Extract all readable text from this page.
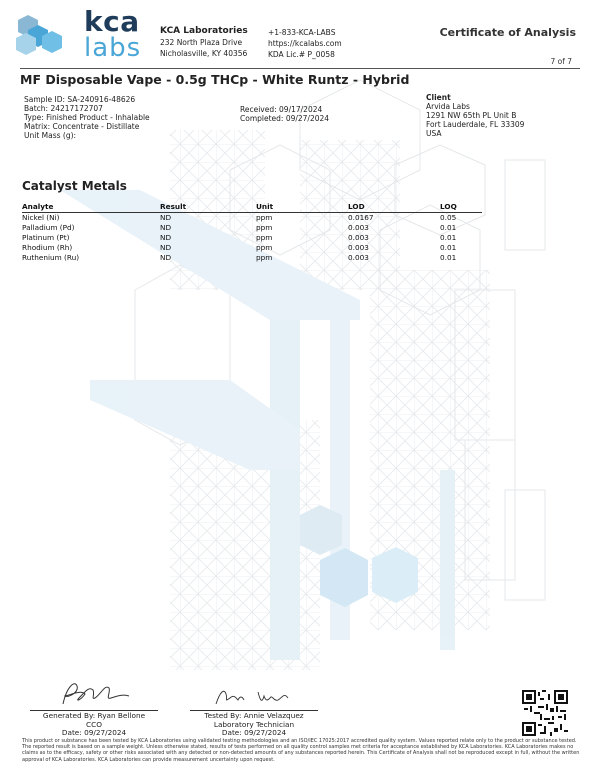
kca
labs
KCA Laboratories
232 North Plaza Drive
Nicholasville, KY 40356
+1-833-KCA-LABS
https://kcalabs.com
KDA Lic.# P_0058
Certificate of Analysis
7 of 7
MF Disposable Vape - 0.5g THCp - White Runtz - Hybrid
Sample ID: SA-240916-48626
Batch: 24217172707
Type: Finished Product - Inhalable
Matrix: Concentrate - Distillate
Unit Mass (g):
Received: 09/17/2024
Completed: 09/27/2024
Client
Arvida Labs
1291 NW 65th PL Unit B
Fort Lauderdale, FL 33309
USA
Catalyst Metals
Analyte	Result	Unit	LOD	LOQ
Nickel (Ni)	ND	ppm	0.0167	0.05
Palladium (Pd)	ND	ppm	0.003	0.01
Platinum (Pt)	ND	ppm	0.003	0.01
Rhodium (Rh)	ND	ppm	0.003	0.01
Ruthenium (Ru)	ND	ppm	0.003	0.01
Generated By: Ryan Bellone
CCO
Date: 09/27/2024
Tested By: Annie Velazquez
Laboratory Technician
Date: 09/27/2024
This product or substance has been tested by KCA Laboratories using validated testing methodologies and an ISO/IEC 17025:2017 accredited quality system. Values reported relate only to the product or substance tested. The reported result is based on a sample weight. Unless otherwise stated, results of tests performed on all quality control samples met criteria for acceptance established by KCA Laboratories. KCA Laboratories makes no claims as to the efficacy, safety or other risks associated with any detected or non-detected amounts of any substances reported herein. This Certificate of Analysis shall not be reproduced except in full, without the written approval of KCA Laboratories. KCA Laboratories can provide measurement uncertainty upon request.
